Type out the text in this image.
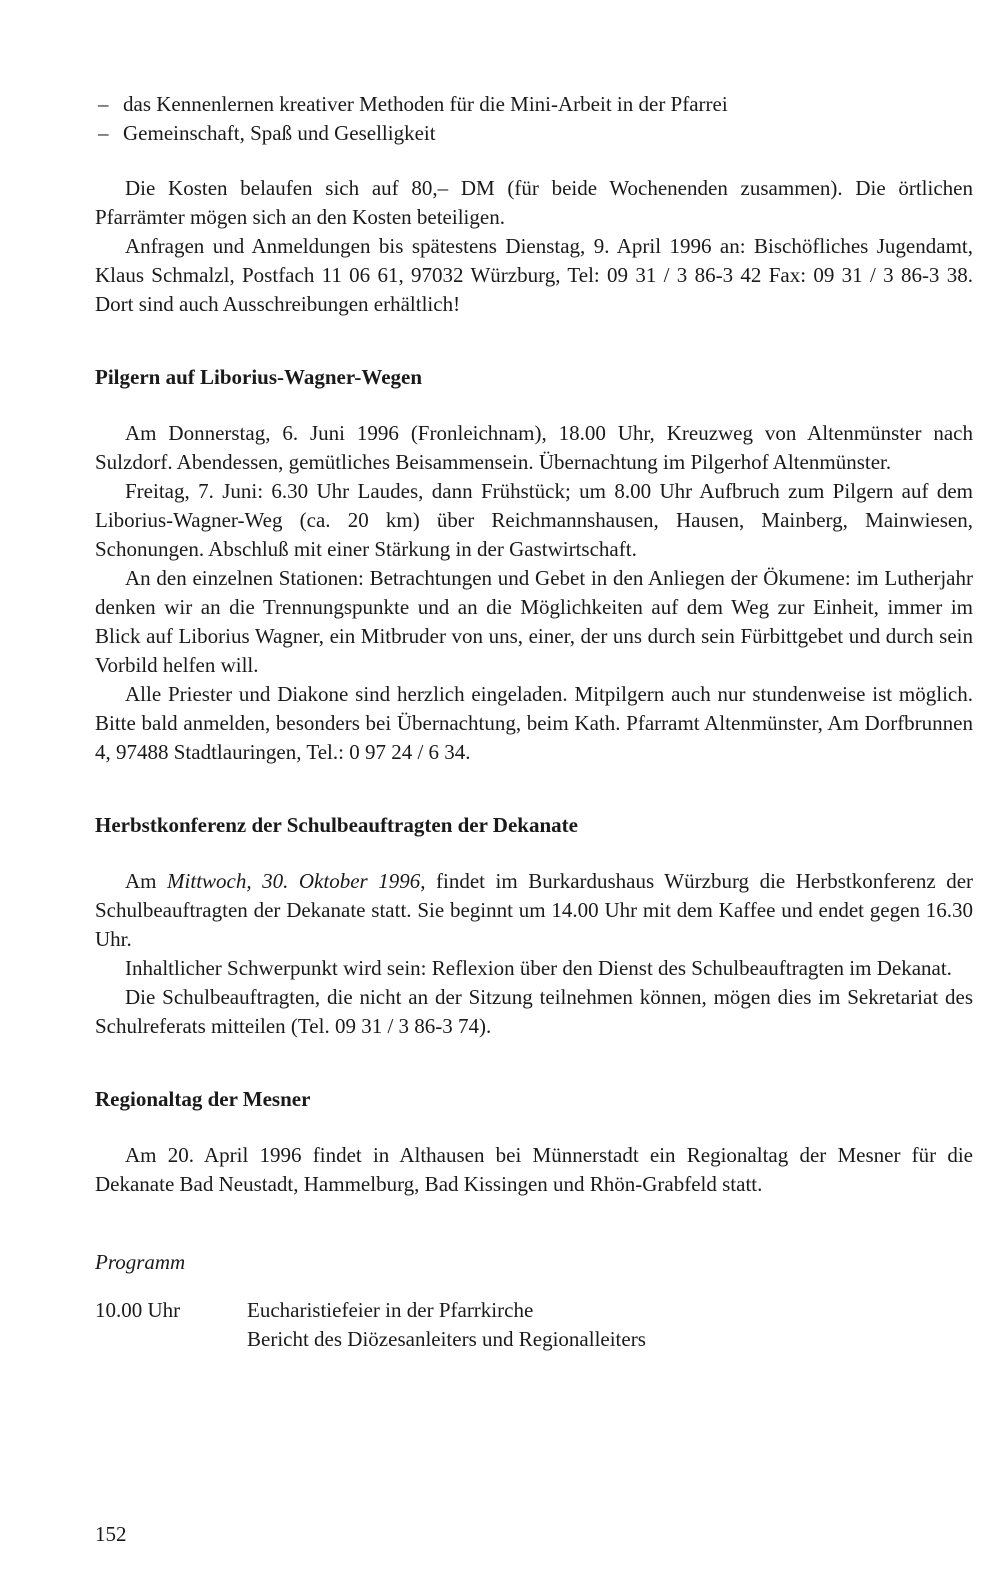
– das Kennenlernen kreativer Methoden für die Mini-Arbeit in der Pfarrei
– Gemeinschaft, Spaß und Geselligkeit

Die Kosten belaufen sich auf 80,– DM (für beide Wochenenden zusammen). Die örtlichen Pfarrämter mögen sich an den Kosten beteiligen.

Anfragen und Anmeldungen bis spätestens Dienstag, 9. April 1996 an: Bischöfliches Jugendamt, Klaus Schmalzl, Postfach 11 06 61, 97032 Würzburg, Tel: 09 31 / 3 86-3 42 Fax: 09 31 / 3 86-3 38. Dort sind auch Ausschreibungen erhältlich!

Pilgern auf Liborius-Wagner-Wegen

Am Donnerstag, 6. Juni 1996 (Fronleichnam), 18.00 Uhr, Kreuzweg von Altenmünster nach Sulzdorf. Abendessen, gemütliches Beisammensein. Übernachtung im Pilgerhof Altenmünster.

Freitag, 7. Juni: 6.30 Uhr Laudes, dann Frühstück; um 8.00 Uhr Aufbruch zum Pilgern auf dem Liborius-Wagner-Weg (ca. 20 km) über Reichmannshausen, Hausen, Mainberg, Mainwiesen, Schonungen. Abschluß mit einer Stärkung in der Gastwirtschaft.

An den einzelnen Stationen: Betrachtungen und Gebet in den Anliegen der Ökumene: im Lutherjahr denken wir an die Trennungspunkte und an die Möglichkeiten auf dem Weg zur Einheit, immer im Blick auf Liborius Wagner, ein Mitbruder von uns, einer, der uns durch sein Fürbittgebet und durch sein Vorbild helfen will.

Alle Priester und Diakone sind herzlich eingeladen. Mitpilgern auch nur stundenweise ist möglich. Bitte bald anmelden, besonders bei Übernachtung, beim Kath. Pfarramt Altenmünster, Am Dorfbrunnen 4, 97488 Stadtlauringen, Tel.: 0 97 24 / 6 34.

Herbstkonferenz der Schulbeauftragten der Dekanate

Am Mittwoch, 30. Oktober 1996, findet im Burkardushaus Würzburg die Herbstkonferenz der Schulbeauftragten der Dekanate statt. Sie beginnt um 14.00 Uhr mit dem Kaffee und endet gegen 16.30 Uhr.

Inhaltlicher Schwerpunkt wird sein: Reflexion über den Dienst des Schulbeauftragten im Dekanat.

Die Schulbeauftragten, die nicht an der Sitzung teilnehmen können, mögen dies im Sekretariat des Schulreferats mitteilen (Tel. 09 31 / 3 86-3 74).

Regionaltag der Mesner

Am 20. April 1996 findet in Althausen bei Münnerstadt ein Regionaltag der Mesner für die Dekanate Bad Neustadt, Hammelburg, Bad Kissingen und Rhön-Grabfeld statt.

Programm
10.00 Uhr	Eucharistiefeier in der Pfarrkirche
Bericht des Diözesanleiters und Regionalleiters
152
